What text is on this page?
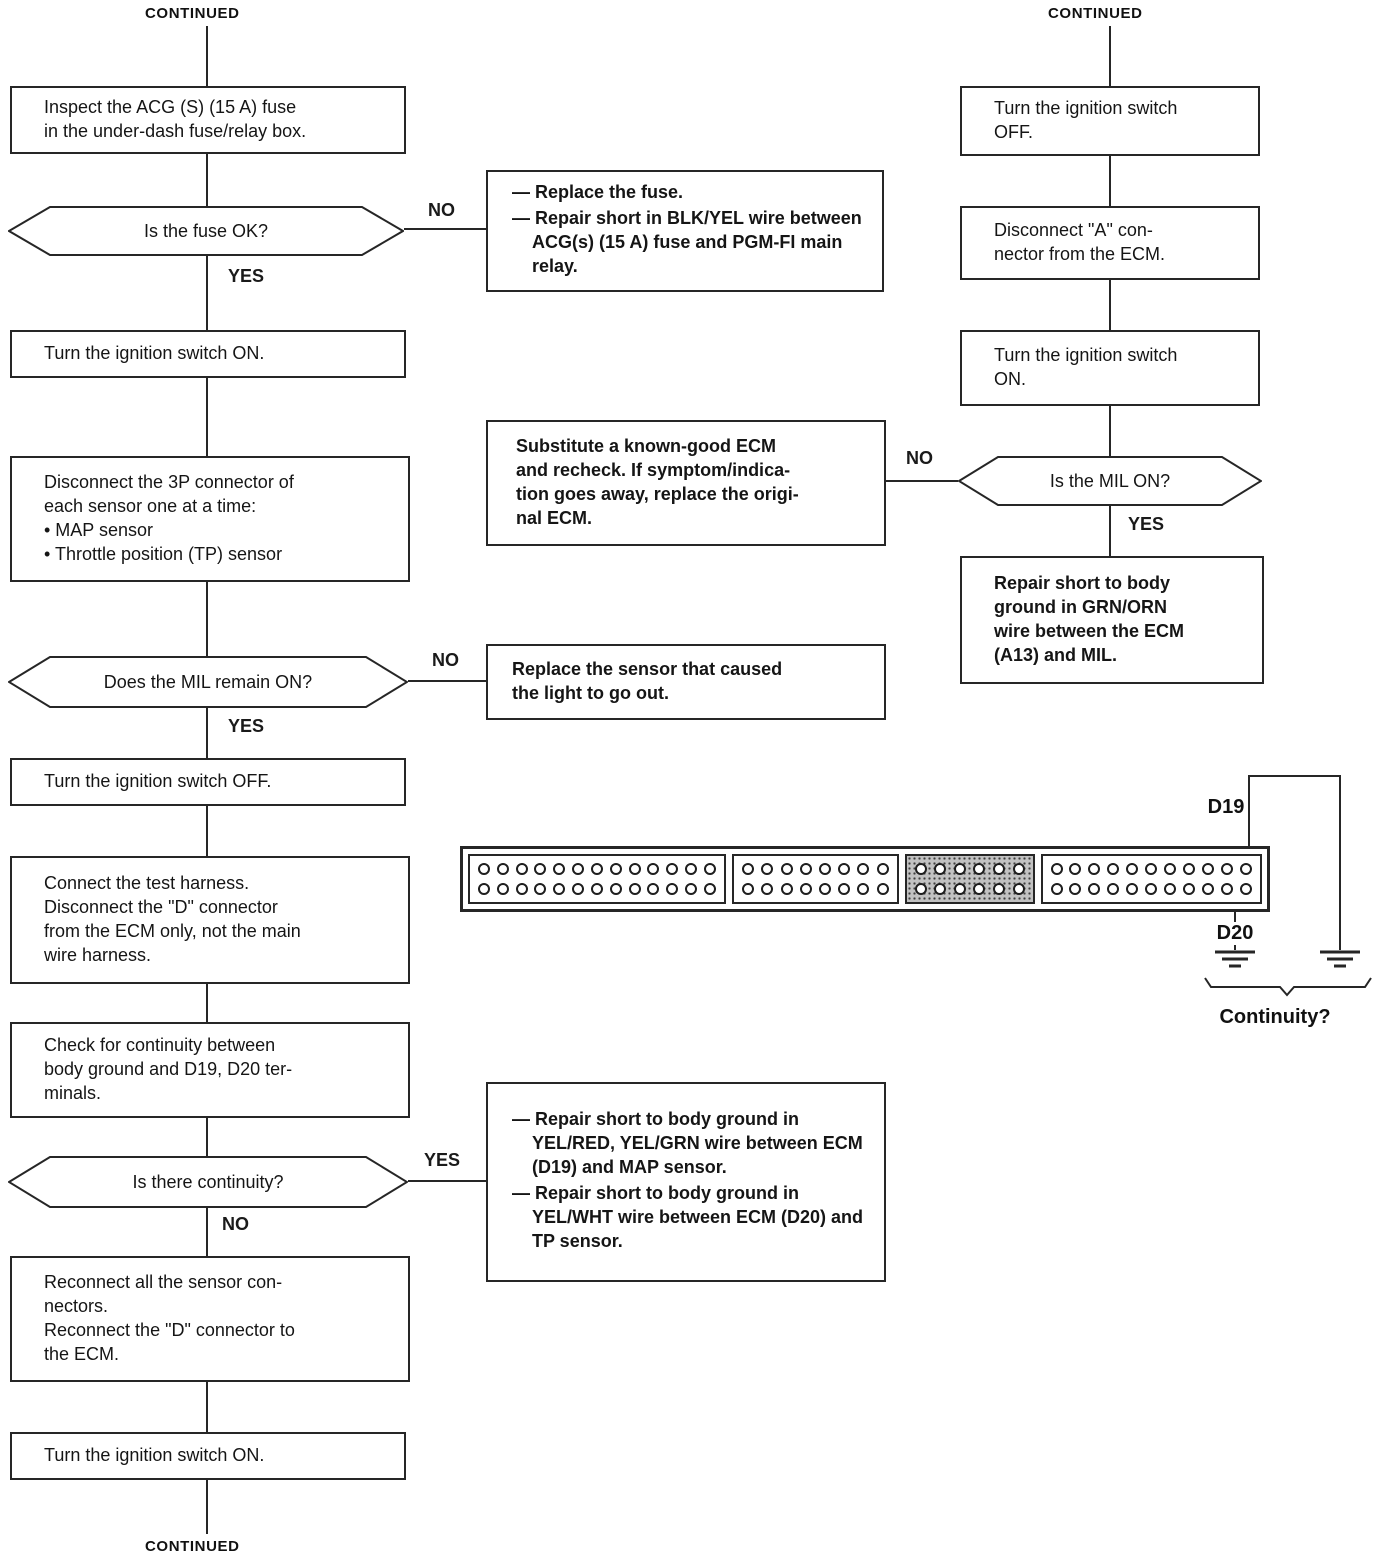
CONTINUED
Inspect the ACG (S) (15 A) fuse
in the under-dash fuse/relay box.
Is the fuse OK?
NO
YES
— Replace the fuse.
— Repair short in BLK/YEL wire between ACG(s) (15 A) fuse and PGM-FI main relay.
Turn the ignition switch ON.
Disconnect the 3P connector of
each sensor one at a time:
• MAP sensor
• Throttle position (TP) sensor
Does the MIL remain ON?
NO
YES
Replace the sensor that caused
the light to go out.
Turn the ignition switch OFF.
Connect the test harness.
Disconnect the "D" connector
from the ECM only, not the main
wire harness.
Check for continuity between
body ground and D19, D20 ter-
minals.
Is there continuity?
YES
NO
— Repair short to body ground in YEL/RED, YEL/GRN wire between ECM (D19) and MAP sensor.
— Repair short to body ground in YEL/WHT wire between ECM (D20) and TP sensor.
Reconnect all the sensor con-
nectors.
Reconnect the "D" connector to
the ECM.
Turn the ignition switch ON.
CONTINUED
CONTINUED
Turn the ignition switch
OFF.
Disconnect "A" con-
nector from the ECM.
Turn the ignition switch
ON.
Is the MIL ON?
NO
YES
Substitute a known-good ECM
and recheck. If symptom/indica-
tion goes away, replace the origi-
nal ECM.
Repair short to body
ground in GRN/ORN
wire between the ECM
(A13) and MIL.
D19
D20
Continuity?
